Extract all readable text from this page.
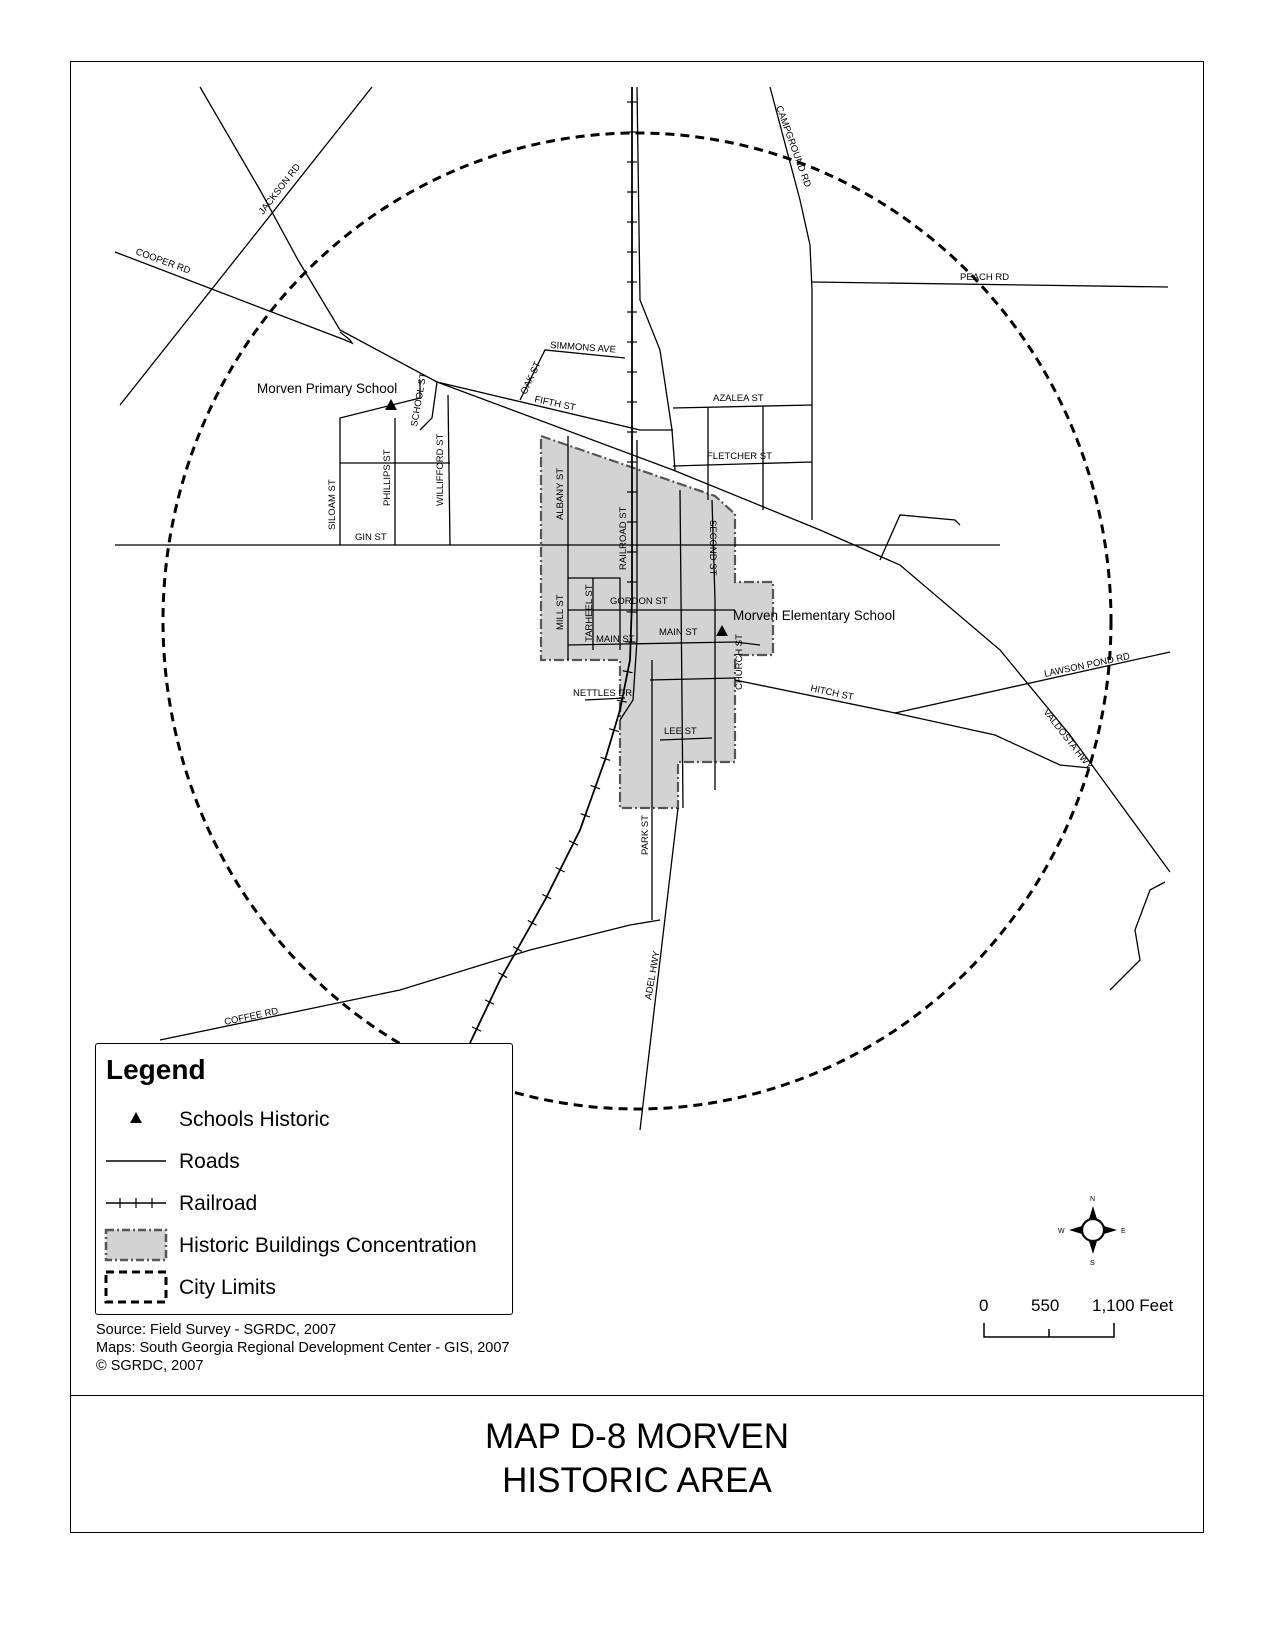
Morven Primary School
Morven Elementary School
JACKSON RD
COOPER RD
CAMPGROUND RD
PEACH RD
SIMMONS AVE
OAK ST
FIFTH ST	AZALEA ST
FLETCHER ST
SCHOOL ST
WILLIFFORD ST
PHILLIPS ST
SILOAM ST
GIN ST
ALBANY ST
RAILROAD ST	SECOND ST
MILL ST TARHEEL ST GORDON ST
MAIN ST
MAIN ST
CHURCH ST
NETTLES DR	HITCH ST
LAWSON POND RD
VALDOSTA HWY
LEE ST
PARK ST
ADEL HWY
COFFEE RD
N
S
E
W
0	550 1,100 Feet
Legend
Schools Historic
Roads
Railroad
Historic Buildings Concentration
City Limits
Source: Field Survey - SGRDC, 2007
Maps: South Georgia Regional Development Center - GIS, 2007
© SGRDC, 2007
MAP D-8 MORVEN
HISTORIC AREA
